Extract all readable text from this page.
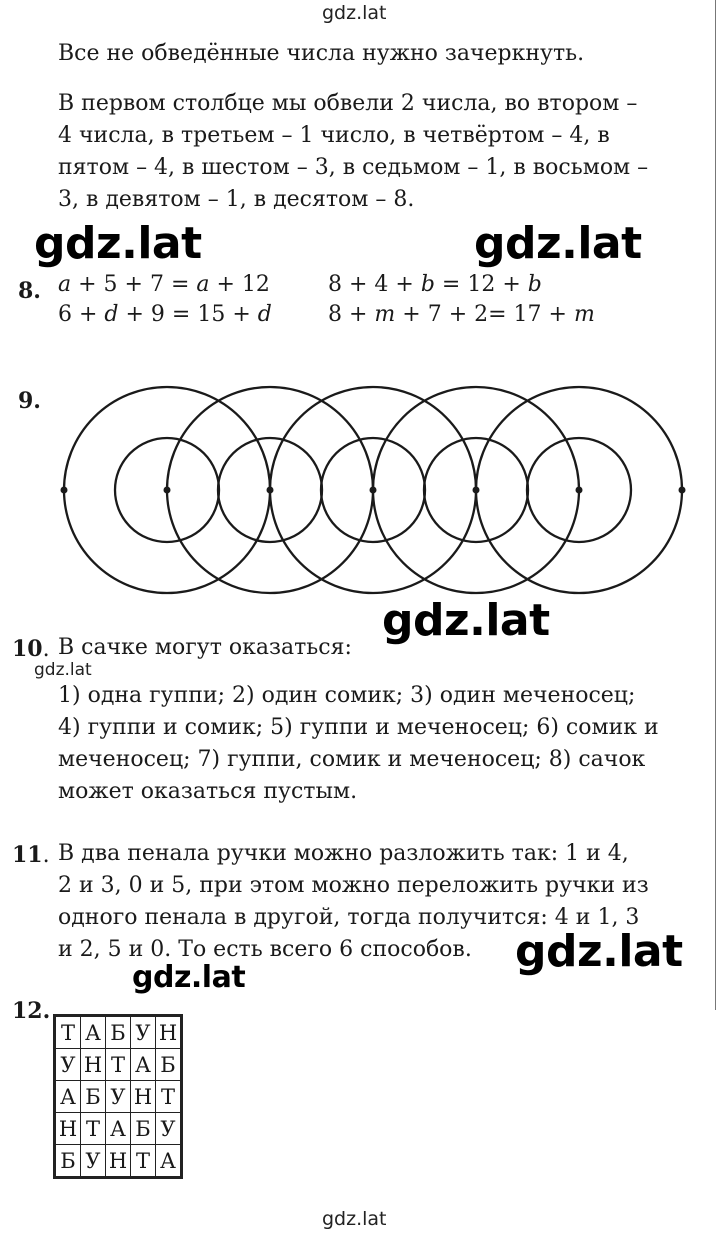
gdz.lat
Все не обведённые числа нужно зачеркнуть.
В первом столбце мы обвели 2 числа, во втором –
4 числа, в третьем – 1 число, в четвёртом – 4, в
пятом – 4, в шестом – 3, в седьмом – 1, в восьмом –
3, в девятом – 1, в десятом – 8.
gdz.lat	gdz.lat
8. a + 5 + 7 = a + 12	8 + 4 + b = 12 + b
6 + d + 9 = 15 + d	8 + m + 7 + 2= 17 + m
9.
gdz.lat
10. В сачке могут оказаться:
gdz.lat
1) одна гуппи; 2) один сомик; 3) один меченосец;
4) гуппи и сомик; 5) гуппи и меченосец; 6) сомик и
меченосец; 7) гуппи, сомик и меченосец; 8) сачок
может оказаться пустым.
11. В два пенала ручки можно разложить так: 1 и 4,
2 и 3, 0 и 5, при этом можно переложить ручки из
одного пенала в другой, тогда получится: 4 и 1, 3
и 2, 5 и 0. То есть всего 6 способов. gdz.lat
gdz.lat
12.
Т	А	Б	У	Н
У	Н	Т	А	Б
А	Б	У	Н	Т
Н	Т	А	Б	У
Б	У	Н	Т	А
gdz.lat
